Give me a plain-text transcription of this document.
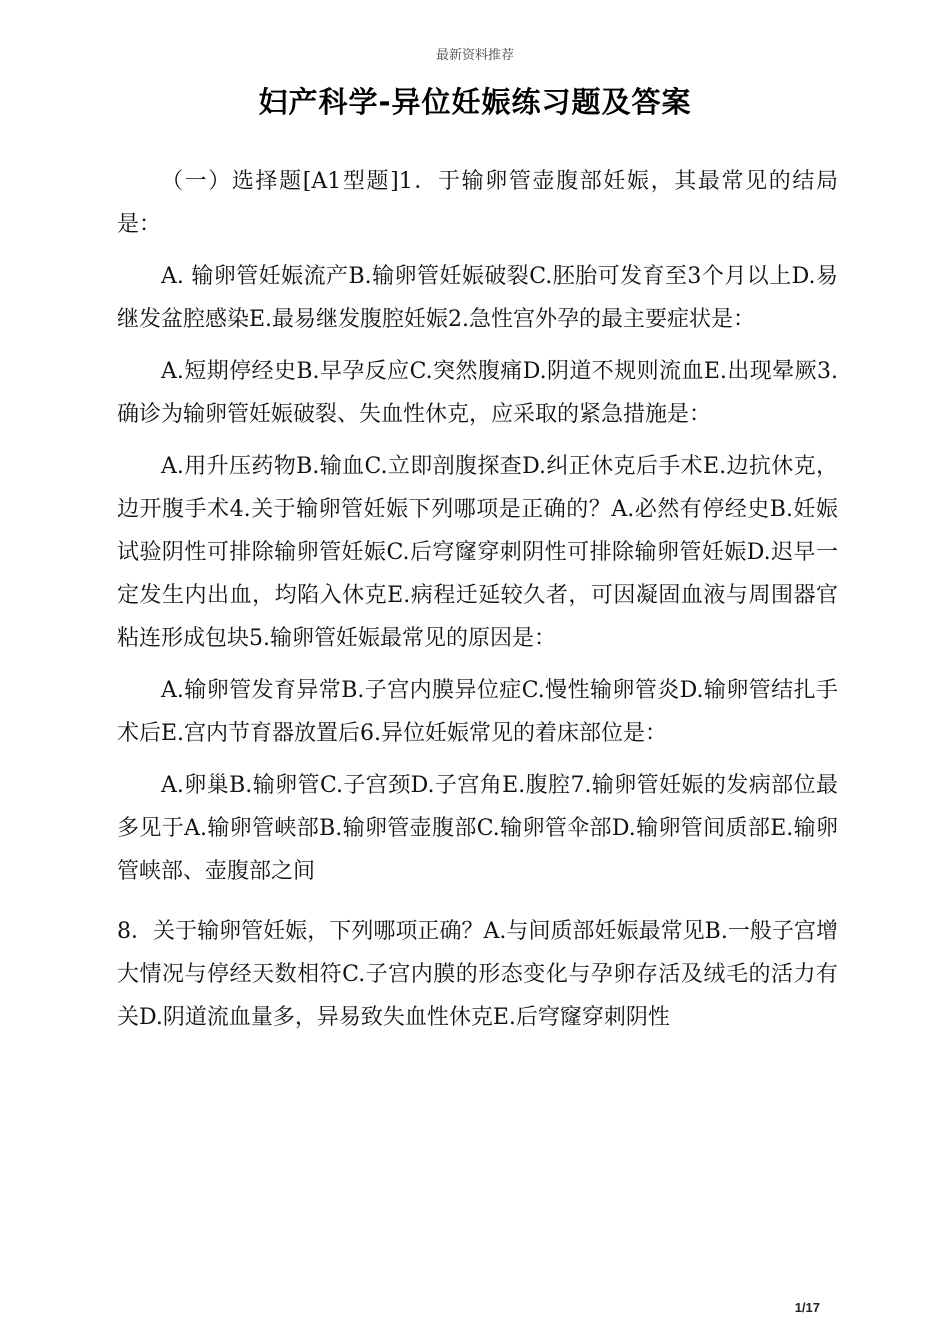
最新资料推荐
妇产科学-异位妊娠练习题及答案

（一）选择题[A1型题]1．于输卵管壶腹部妊娠，其最常见的结局是：

A. 输卵管妊娠流产B.输卵管妊娠破裂C.胚胎可发育至3个月以上D.易继发盆腔感染E.最易继发腹腔妊娠2.急性宫外孕的最主要症状是：

A.短期停经史B.早孕反应C.突然腹痛D.阴道不规则流血E.出现晕厥3.确诊为输卵管妊娠破裂、失血性休克，应采取的紧急措施是：

A.用升压药物B.输血C.立即剖腹探查D.纠正休克后手术E.边抗休克，边开腹手术4.关于输卵管妊娠下列哪项是正确的？A.必然有停经史B.妊娠试验阴性可排除输卵管妊娠C.后穹窿穿刺阴性可排除输卵管妊娠D.迟早一定发生内出血，均陷入休克E.病程迁延较久者，可因凝固血液与周围器官粘连形成包块5.输卵管妊娠最常见的原因是：

A.输卵管发育异常B.子宫内膜异位症C.慢性输卵管炎D.输卵管结扎手术后E.宫内节育器放置后6.异位妊娠常见的着床部位是：

A.卵巢B.输卵管C.子宫颈D.子宫角E.腹腔7.输卵管妊娠的发病部位最多见于A.输卵管峡部B.输卵管壶腹部C.输卵管伞部D.输卵管间质部E.输卵管峡部、壶腹部之间

8．关于输卵管妊娠，下列哪项正确？A.与间质部妊娠最常见B.一般子宫增大情况与停经天数相符C.子宫内膜的形态变化与孕卵存活及绒毛的活力有关D.阴道流血量多，异易致失血性休克E.后穹窿穿刺阴性

1/17
